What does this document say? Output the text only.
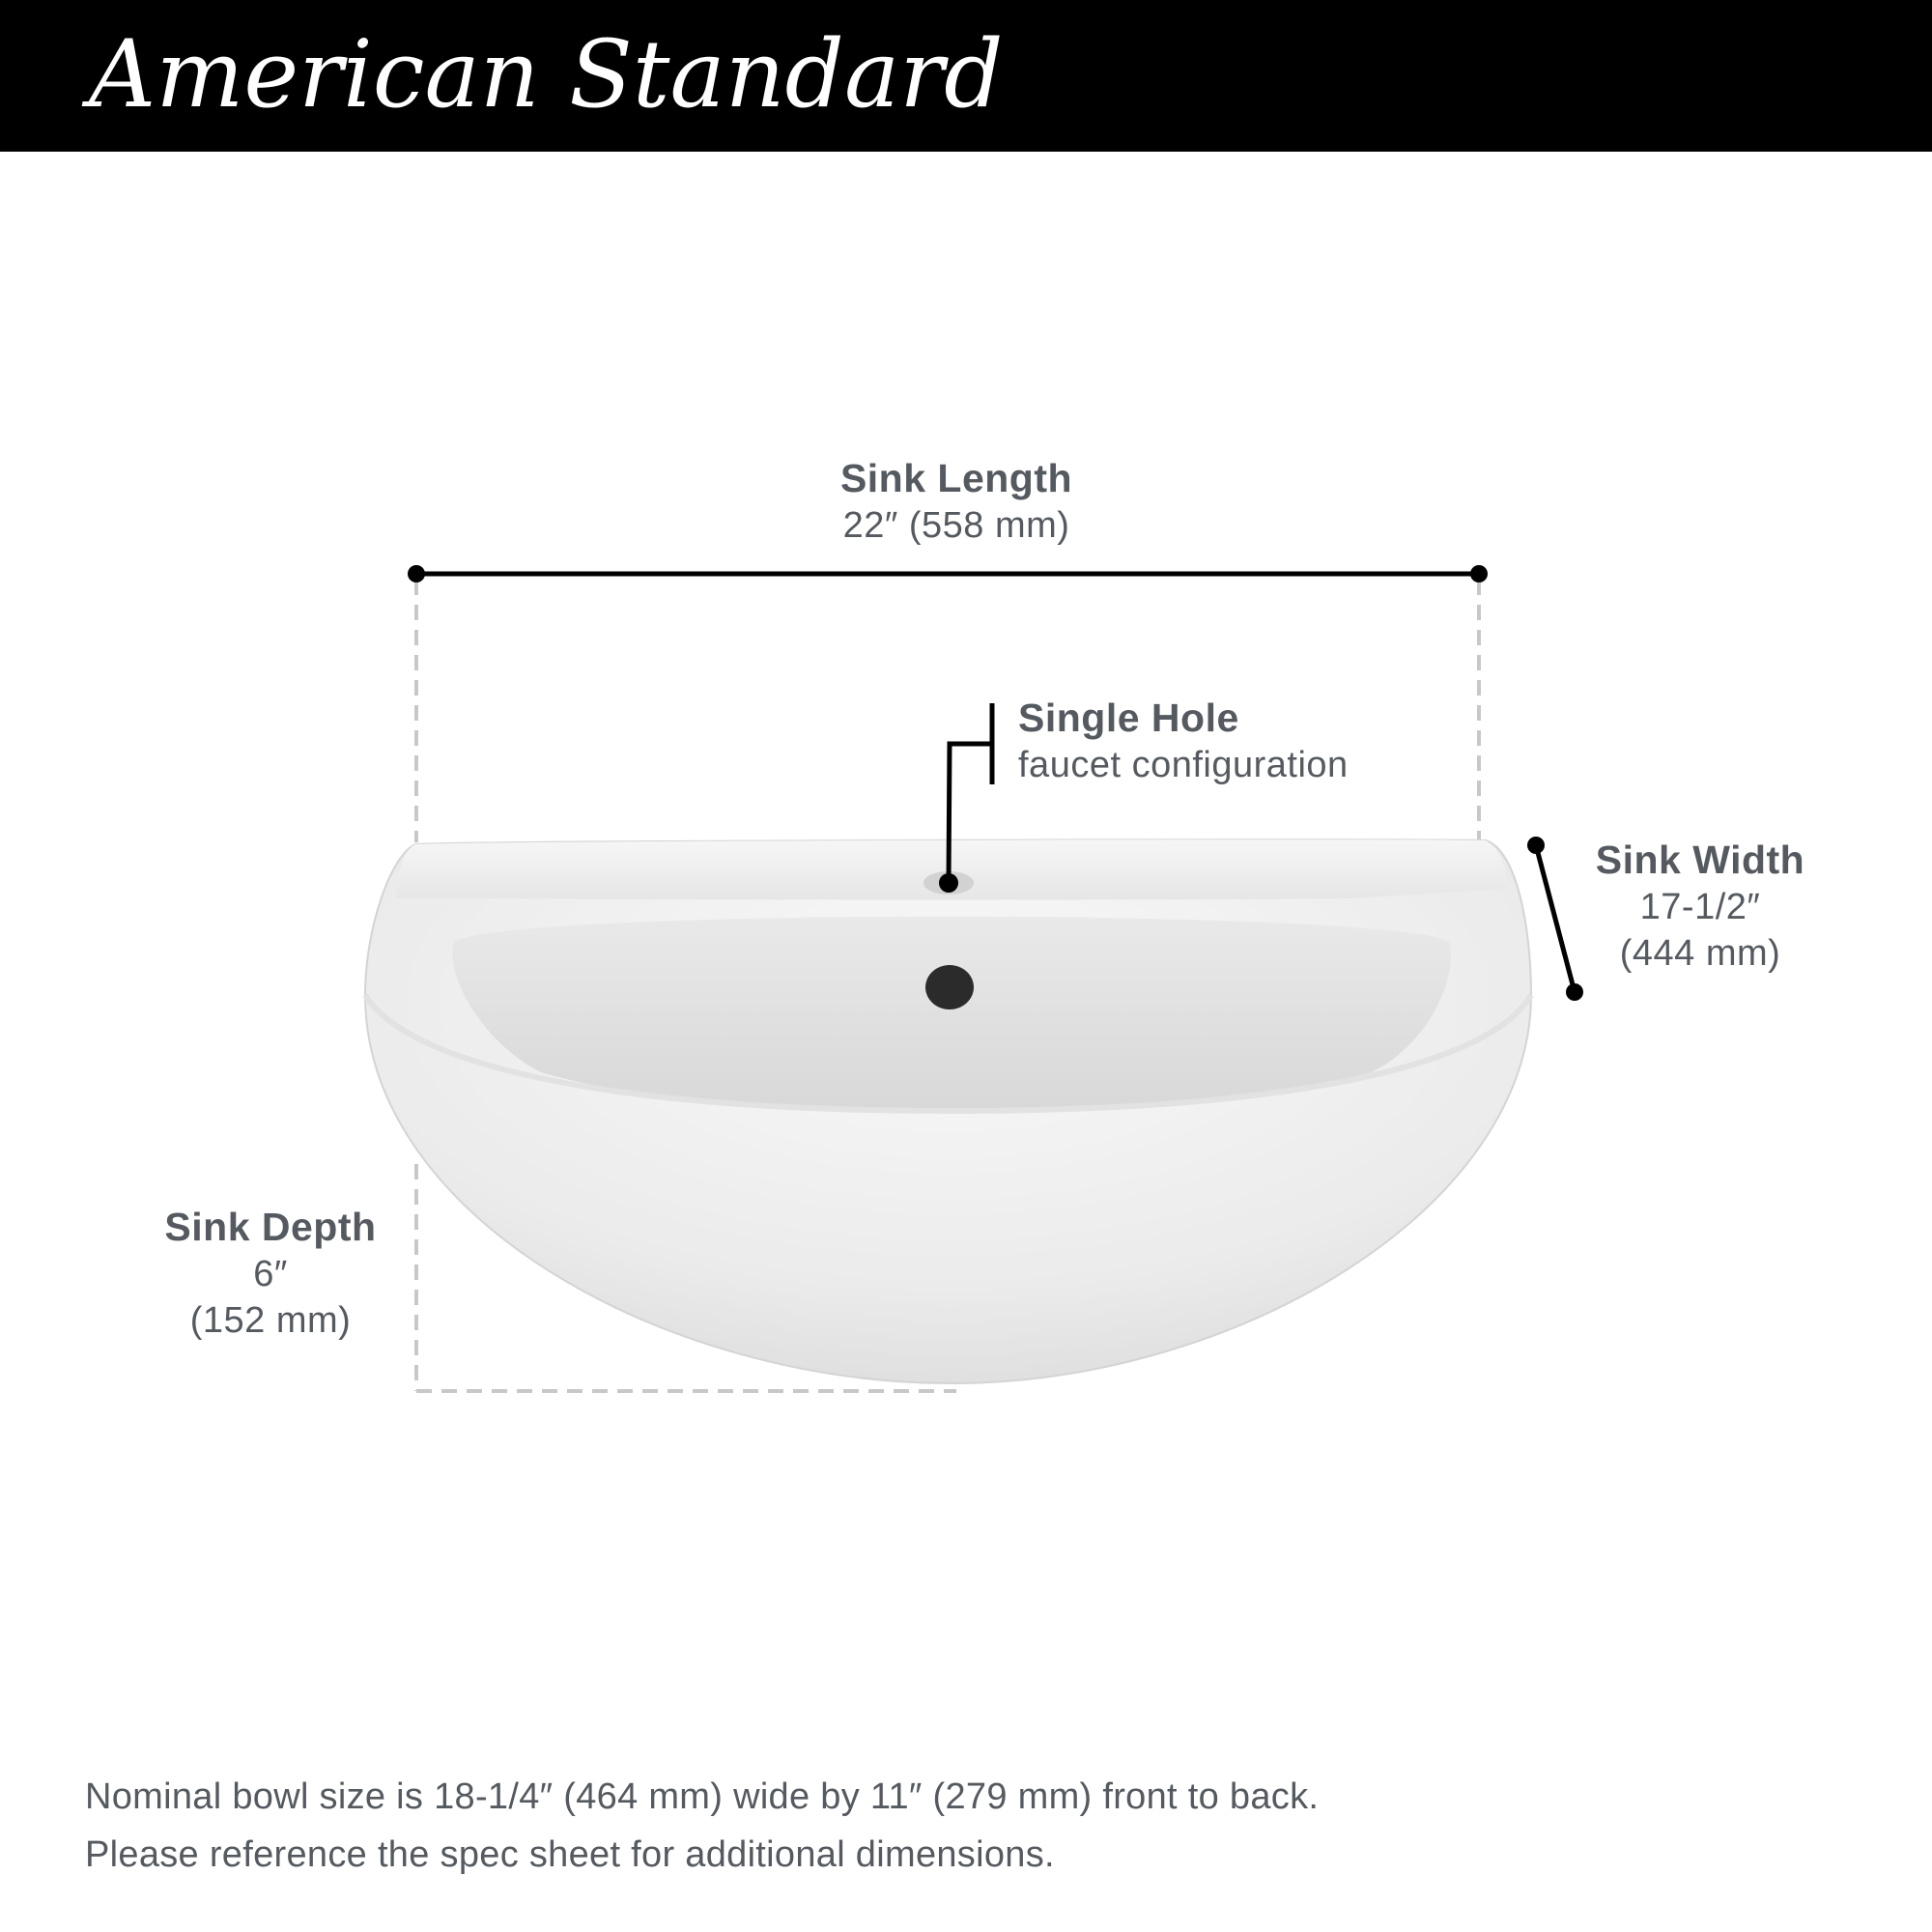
American Standard
Sink Length
22″ (558 mm)
Single Hole
faucet configuration
Sink Width
17-1/2″
(444 mm)
Sink Depth
6″
(152 mm)
Nominal bowl size is 18-1/4″ (464 mm) wide by 11″ (279 mm) front to back.
Please reference the spec sheet for additional dimensions.
